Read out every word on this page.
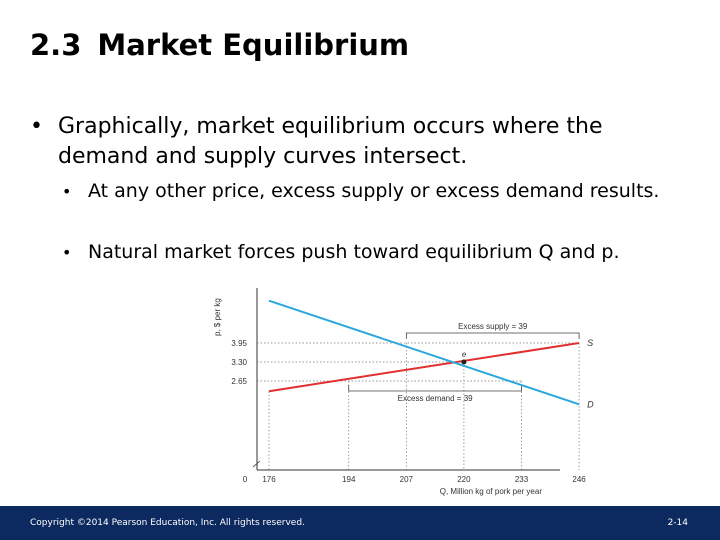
2.3 Market Equilibrium
• Graphically, market equilibrium occurs where the demand and supply curves intersect.
• At any other price, excess supply or excess demand results.
• Natural market forces push toward equilibrium Q and p.
p, $ per kg
3.95
3.30
2.65
0 176	194	207	220	233	246
Q, Million kg of pork per year
Excess supply = 39
Excess demand = 39
S
D
e
Copyright ©2014 Pearson Education, Inc. All rights reserved.	2-14
